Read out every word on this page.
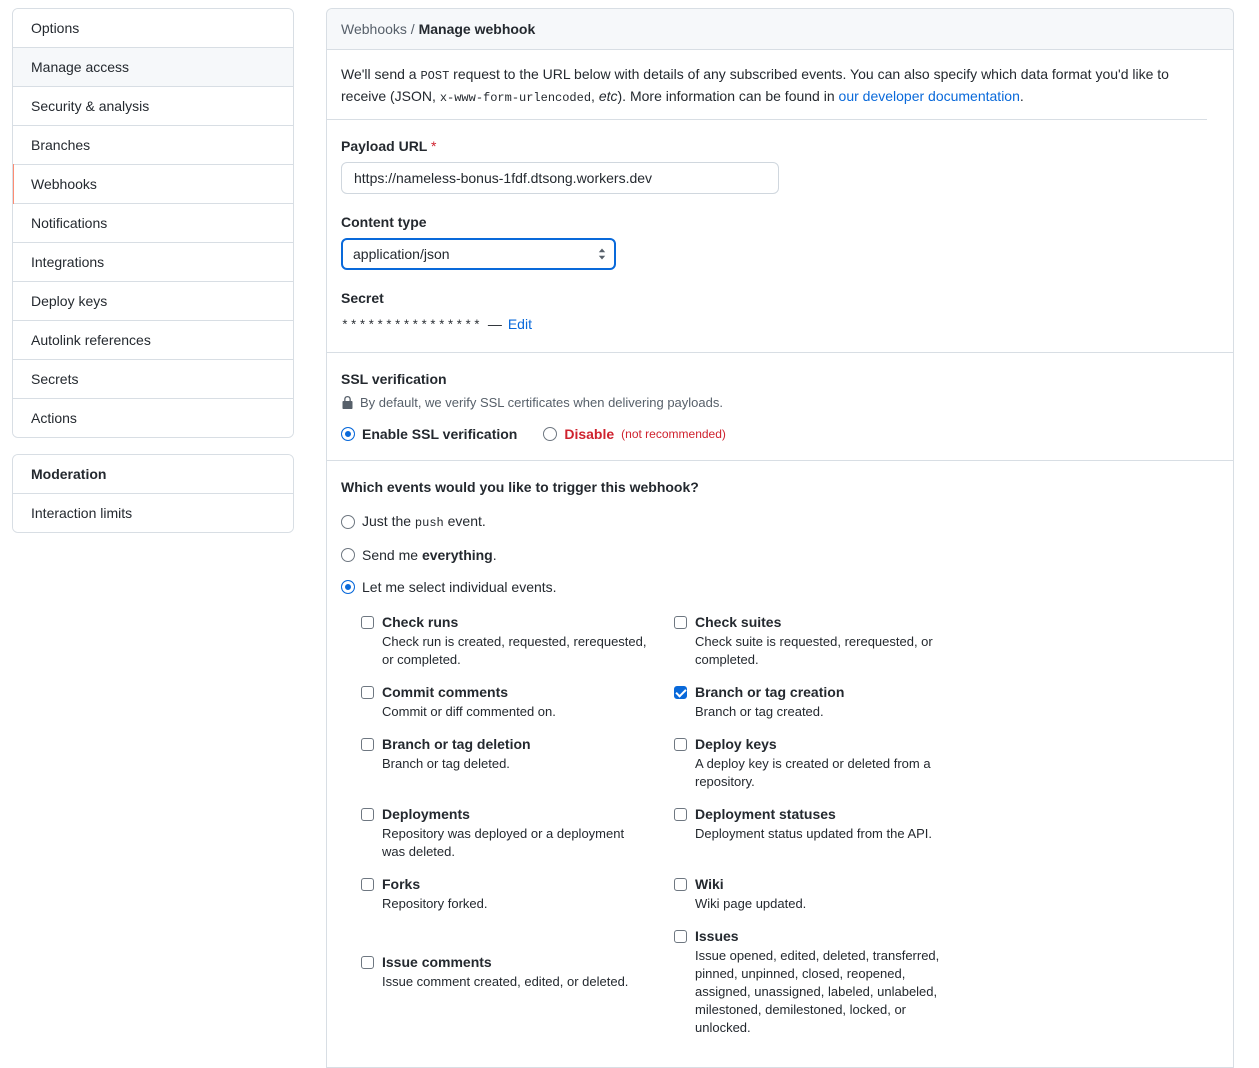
Options
Manage access
Security & analysis
Branches
Webhooks
Notifications
Integrations
Deploy keys
Autolink references
Secrets
Actions
Moderation
Interaction limits
Webhooks / Manage webhook
We'll send a POST request to the URL below with details of any subscribed events. You can also specify which data format you'd like to receive (JSON, x-www-form-urlencoded, etc). More information can be found in our developer documentation.
Payload URL *
https://nameless-bonus-1fdf.dtsong.workers.dev
Content type
application/json
Secret
**************** — Edit
SSL verification
By default, we verify SSL certificates when delivering payloads.
Enable SSL verification	Disable (not recommended)
Which events would you like to trigger this webhook?
Just the push event.
Send me everything.
Let me select individual events.
Check runs
Check run is created, requested, rerequested, or completed.
Check suites
Check suite is requested, rerequested, or completed.
Commit comments
Commit or diff commented on.
Branch or tag creation
Branch or tag created.
Branch or tag deletion
Branch or tag deleted.
Deploy keys
A deploy key is created or deleted from a repository.
Deployments
Repository was deployed or a deployment was deleted.
Deployment statuses
Deployment status updated from the API.
Forks
Repository forked.
Wiki
Wiki page updated.
Issue comments
Issue comment created, edited, or deleted.
Issues
Issue opened, edited, deleted, transferred, pinned, unpinned, closed, reopened, assigned, unassigned, labeled, unlabeled, milestoned, demilestoned, locked, or unlocked.
